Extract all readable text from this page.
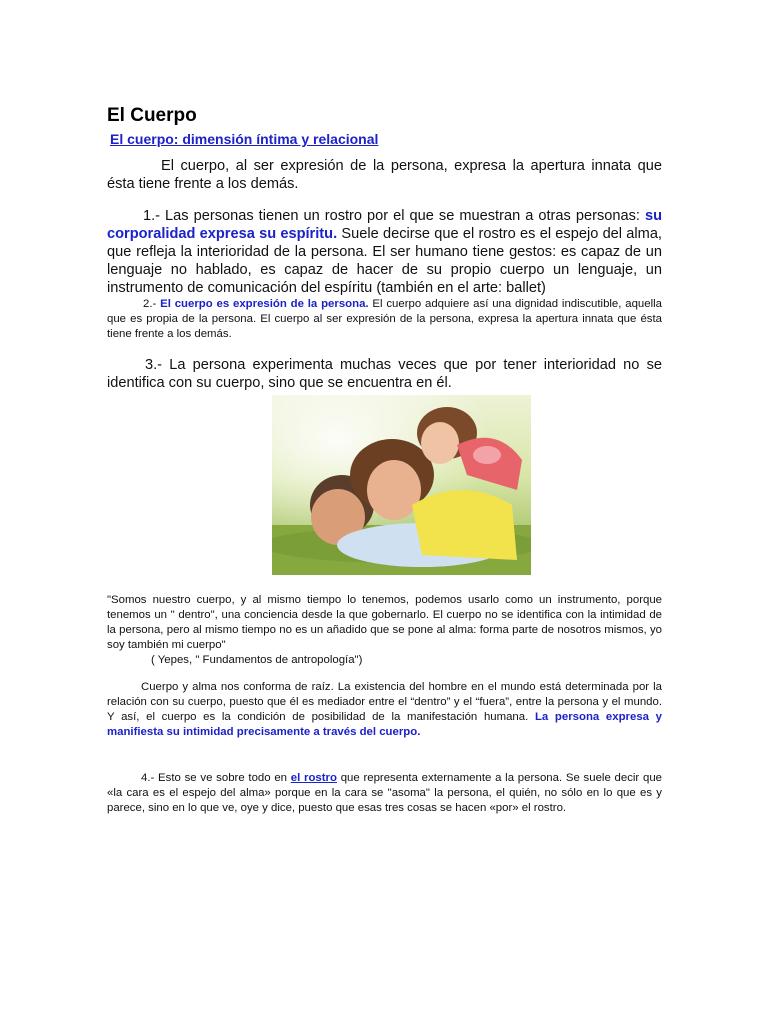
El Cuerpo
El cuerpo: dimensión íntima y relacional

El cuerpo, al ser expresión de la persona, expresa la apertura innata que ésta tiene frente a los demás.

1.- Las personas tienen un rostro por el que se muestran a otras personas: su corporalidad expresa su espíritu. Suele decirse que el rostro es el espejo del alma, que refleja la interioridad de la persona. El ser humano tiene gestos: es capaz de un lenguaje no hablado, es capaz de hacer de su propio cuerpo un lenguaje, un instrumento de comunicación del espíritu (también en el arte: ballet)

2.- El cuerpo es expresión de la persona. El cuerpo adquiere así una dignidad indiscutible, aquella que es propia de la persona. El cuerpo al ser expresión de la persona, expresa la apertura innata que ésta tiene frente a los demás.

3.- La persona experimenta muchas veces que por tener interioridad no se identifica con su cuerpo, sino que se encuentra en él.

"Somos nuestro cuerpo, y al mismo tiempo lo tenemos, podemos usarlo como un instrumento, porque tenemos un " dentro", una conciencia desde la que gobernarlo. El cuerpo no se identifica con la intimidad de la persona, pero al mismo tiempo no es un añadido que se pone al alma: forma parte de nosotros mismos, yo soy también mi cuerpo"
( Yepes, " Fundamentos de antropología")

Cuerpo y alma nos conforma de raíz. La existencia del hombre en el mundo está determinada por la relación con su cuerpo, puesto que él es mediador entre el “dentro” y el “fuera”, entre la persona y el mundo. Y así, el cuerpo es la condición de posibilidad de la manifestación humana. La persona expresa y manifiesta su intimidad precisamente a través del cuerpo.

4.- Esto se ve sobre todo en el rostro que representa externamente a la persona. Se suele decir que «la cara es el espejo del alma» porque en la cara se "asoma" la persona, el quién, no sólo en lo que es y parece, sino en lo que ve, oye y dice, puesto que esas tres cosas se hacen «por» el rostro.
